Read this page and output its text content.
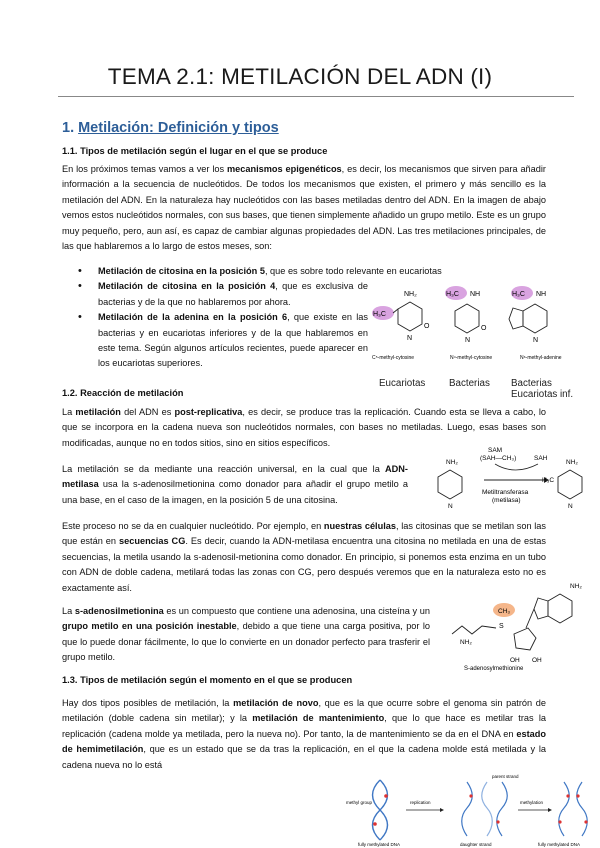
TEMA 2.1: METILACIÓN DEL ADN (I)
1. Metilación: Definición y tipos
1.1. Tipos de metilación según el lugar en el que se produce
En los próximos temas vamos a ver los mecanismos epigenéticos, es decir, los mecanismos que sirven para añadir información a la secuencia de nucleótidos. De todos los mecanismos que existen, el primero y más sencillo es la metilación del ADN. En la naturaleza hay nucleótidos con las bases metiladas dentro del ADN. En la imagen de abajo vemos estos nucleótidos normales, con sus bases, que tienen simplemente añadido un grupo metilo. Este es un grupo muy pequeño, pero, aun así, es capaz de cambiar algunas propiedades del ADN. Las tres metilaciones principales, de las que hablaremos a lo largo de estos meses, son:
• Metilación de citosina en la posición 5, que es sobre todo relevante en eucariotas
• Metilación de citosina en la posición 4, que es exclusiva de bacterias y de la que no hablaremos por ahora.
• Metilación de la adenina en la posición 6, que existe en las bacterias y en eucariotas inferiores y de la que hablaremos en este tema. Según algunos artículos recientes, puede aparecer en los eucariotas superiores.
H₃C
NH₂
N
O
C⁵-methyl-cytosine
H₃C NH
N
O
N⁴-methyl-cytosine
H₃C NH
N
N⁶-methyl-adenine
Eucariotas Bacterias Bacterias Eucariotas inf.
1.2. Reacción de metilación
La metilación del ADN es post-replicativa, es decir, se produce tras la replicación. Cuando esta se lleva a cabo, lo que se incorpora en la cadena nueva son nucleótidos normales, con bases no metiladas. Luego, esas bases son modificadas, aunque no en todos sitios, sino en sitios específicos.
La metilación se da mediante una reacción universal, en la cual que la ADN-metilasa usa la s-adenosilmetionina como donador para añadir el grupo metilo a una base, en el caso de la imagen, en la posición 5 de una citosina.
SAM
(SAH—CH₃)	SAH
Metiltransferasa
(metilasa)
NH₂
N
NH₂
H₃C
N
Este proceso no se da en cualquier nucleótido. Por ejemplo, en nuestras células, las citosinas que se metilan son las que están en secuencias CG. Es decir, cuando la ADN-metilasa encuentra una citosina no metilada en una de estas secuencias, la metila usando la s-adenosil-metionina como donador. En principio, si ponemos esta enzima en un tubo con ADN de doble cadena, metilará todas las zonas con CG, pero después veremos que en la naturaleza esto no es exactamente así.
La s-adenosilmetionina es un compuesto que contiene una adenosina, una cisteína y un grupo metilo en una posición inestable, debido a que tiene una carga positiva, por lo que lo puede donar fácilmente, lo que lo convierte en un donador perfecto para trasferir el grupo metilo.
NH₂
CH₃
S
NH₂
OH OH
S-adenosylmethionine
1.3. Tipos de metilación según el momento en el que se producen
Hay dos tipos posibles de metilación, la metilación de novo, que es la que ocurre sobre el genoma sin patrón de metilación (doble cadena sin metilar); y la metilación de mantenimiento, que lo que hace es metilar tras la replicación (cadena molde ya metilada, pero la nueva no). Por tanto, la de mantenimiento se da en el DNA en estado de hemimetilación, que es un estado que se da tras la replicación, en el que la cadena molde está metilada y la cadena nueva no lo está
parent strand
methyl group	replication	methylation
daughter strand
fully methylated DNA	fully methylated DNA
